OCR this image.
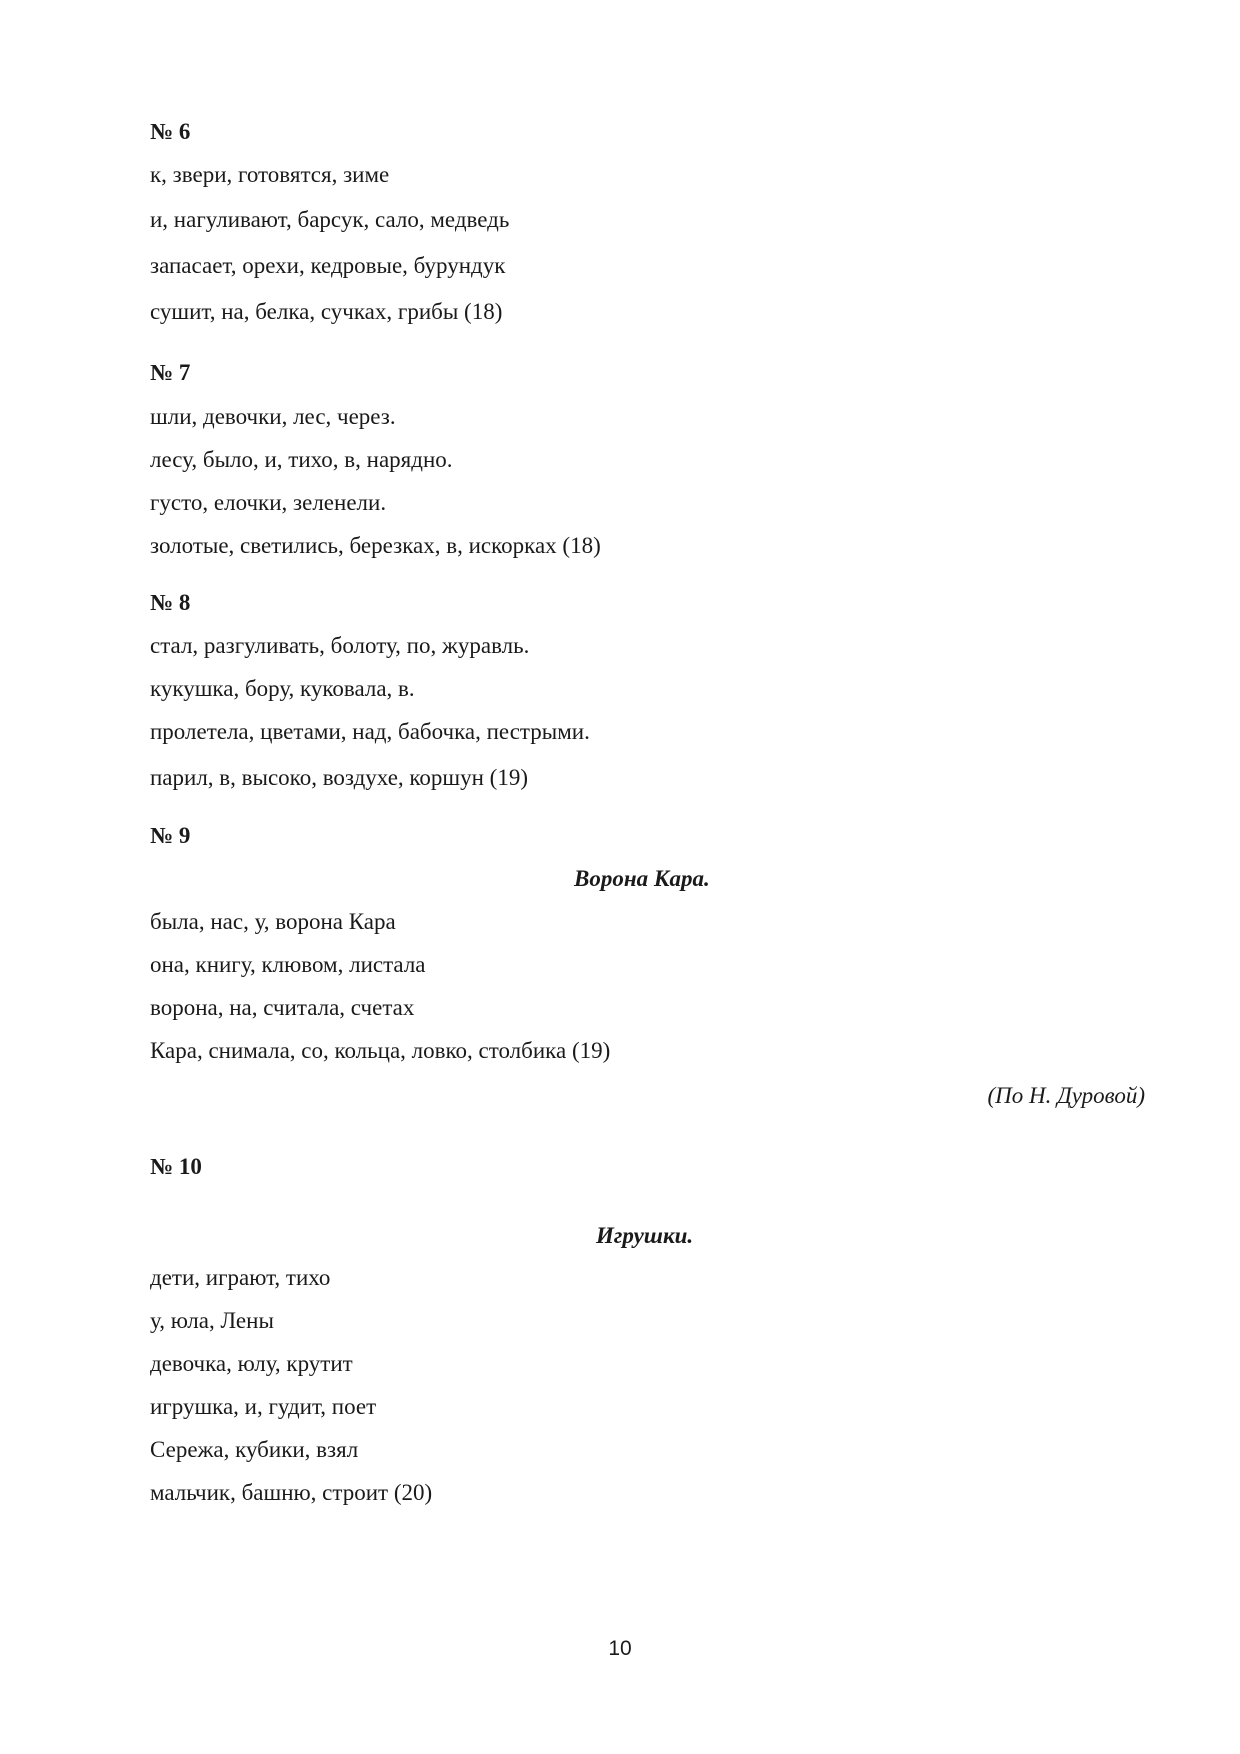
№ 6
к, звери, готовятся, зиме
и, нагуливают, барсук, сало, медведь
запасает, орехи, кедровые, бурундук
сушит, на, белка, сучках, грибы (18)
№ 7
шли, девочки, лес, через.
лесу, было, и, тихо, в, нарядно.
густо, елочки, зеленели.
золотые, светились, березках, в, искорках (18)
№ 8
стал, разгуливать, болоту, по, журавль.
кукушка, бору, куковала, в.
пролетела, цветами, над, бабочка, пестрыми.
парил, в, высоко, воздухе, коршун (19)
№ 9
Ворона Кара.
была, нас, у, ворона Кара
она, книгу, клювом, листала
ворона, на, считала, счетах
Кара, снимала, со, кольца, ловко, столбика (19)
(По Н. Дуровой)
№ 10
Игрушки.
дети, играют, тихо
у, юла, Лены
девочка, юлу, крутит
игрушка, и, гудит, поет
Сережа, кубики, взял
мальчик, башню, строит (20)
10
